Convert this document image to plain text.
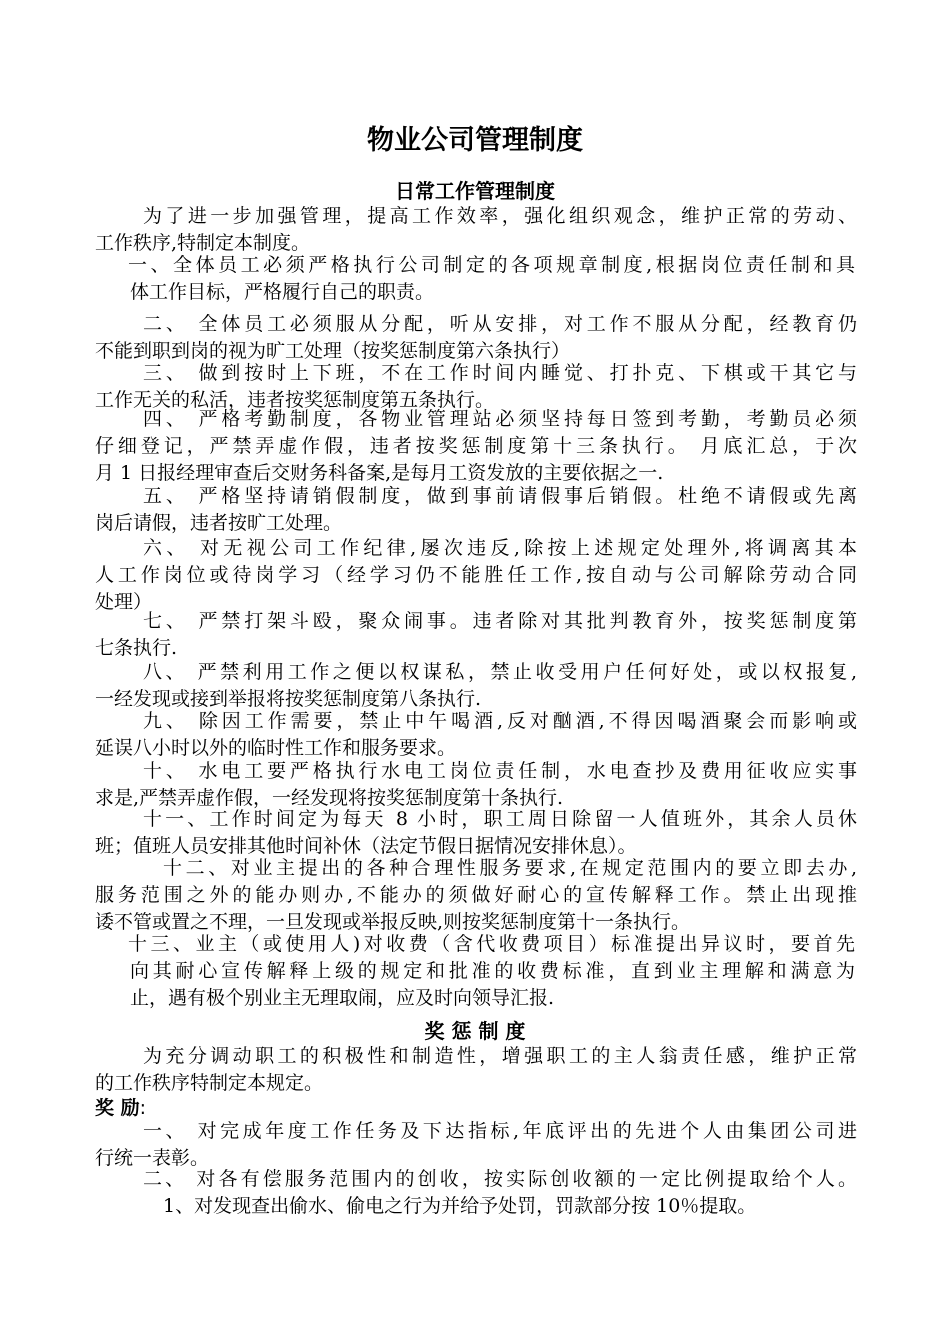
物业公司管理制度
日常工作管理制度
为了进一步加强管理，提高工作效率，强化组织观念，维护正常的劳动、
工作秩序,特制定本制度。
一、全体员工必须严格执行公司制定的各项规章制度,根据岗位责任制和具
体工作目标，严格履行自己的职责。
二、 全体员工必须服从分配，听从安排，对工作不服从分配，经教育仍
不能到职到岗的视为旷工处理（按奖惩制度第六条执行）
三、 做到按时上下班，不在工作时间内睡觉、打扑克、下棋或干其它与
工作无关的私活，违者按奖惩制度第五条执行。
四、 严格考勤制度，各物业管理站必须坚持每日签到考勤，考勤员必须
仔细登记，严禁弄虚作假，违者按奖惩制度第十三条执行。 月底汇总，于次
月 1 日报经理审查后交财务科备案,是每月工资发放的主要依据之一.
五、 严格坚持请销假制度，做到事前请假事后销假。杜绝不请假或先离
岗后请假，违者按旷工处理。
六、 对无视公司工作纪律,屡次违反,除按上述规定处理外,将调离其本
人工作岗位或待岗学习（经学习仍不能胜任工作,按自动与公司解除劳动合同
处理）
七、 严禁打架斗殴，聚众闹事。违者除对其批判教育外，按奖惩制度第
七条执行.
八、 严禁利用工作之便以权谋私，禁止收受用户任何好处，或以权报复,
一经发现或接到举报将按奖惩制度第八条执行.
九、 除因工作需要，禁止中午喝酒,反对酗酒,不得因喝酒聚会而影响或
延误八小时以外的临时性工作和服务要求。
十、 水电工要严格执行水电工岗位责任制，水电查抄及费用征收应实事
求是,严禁弄虚作假，一经发现将按奖惩制度第十条执行.
十一、工作时间定为每天 8 小时，职工周日除留一人值班外，其余人员休
班；值班人员安排其他时间补休（法定节假日据情况安排休息）。
十二、对业主提出的各种合理性服务要求,在规定范围内的要立即去办,
服务范围之外的能办则办,不能办的须做好耐心的宣传解释工作。禁止出现推
诿不管或置之不理，一旦发现或举报反映,则按奖惩制度第十一条执行。
十三、业主（或使用人)对收费（含代收费项目）标准提出异议时，要首先
向其耐心宣传解释上级的规定和批准的收费标准，直到业主理解和满意为
止，遇有极个别业主无理取闹，应及时向领导汇报.
奖 惩 制 度
为充分调动职工的积极性和制造性，增强职工的主人翁责任感，维护正常
的工作秩序特制定本规定。
奖 励:
一、 对完成年度工作任务及下达指标,年底评出的先进个人由集团公司进
行统一表彰。
二、 对各有偿服务范围内的创收，按实际创收额的一定比例提取给个人。
1、对发现查出偷水、偷电之行为并给予处罚，罚款部分按 10％提取。
